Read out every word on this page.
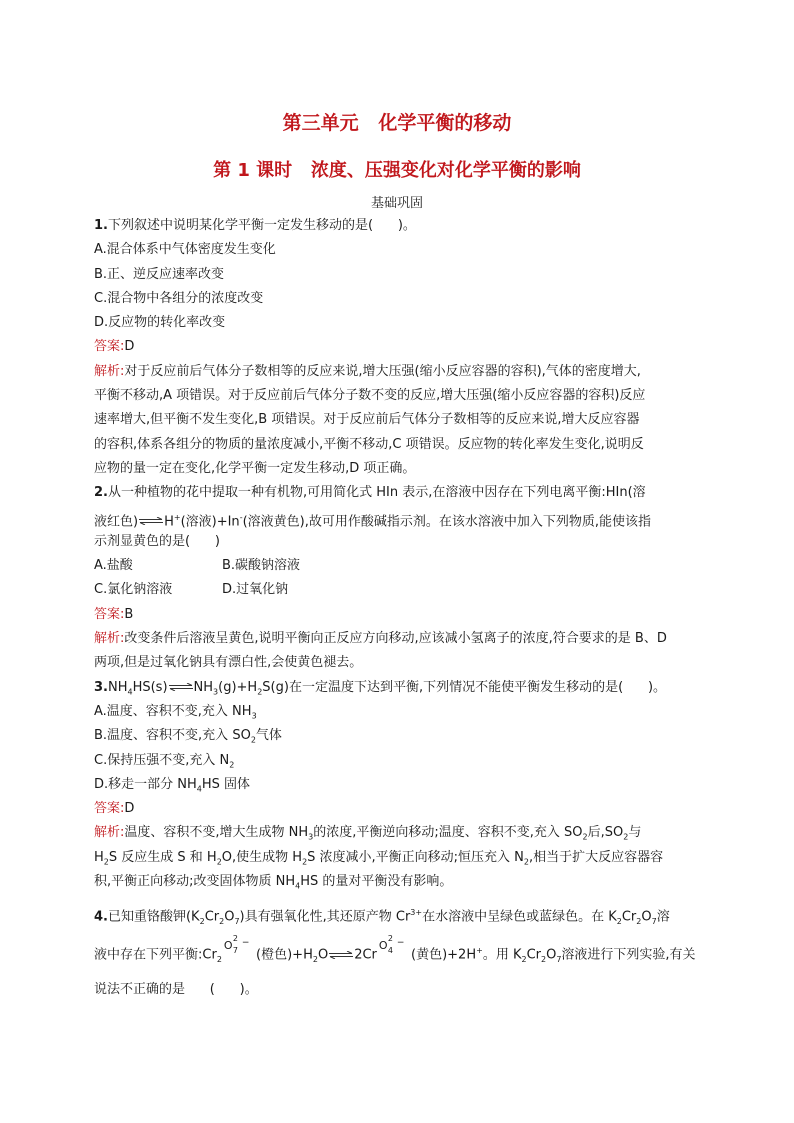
第三单元   化学平衡的移动
第 1 课时   浓度、压强变化对化学平衡的影响
基础巩固
1.下列叙述中说明某化学平衡一定发生移动的是(      )。
A.混合体系中气体密度发生变化
B.正、逆反应速率改变
C.混合物中各组分的浓度改变
D.反应物的转化率改变
答案:D
解析:对于反应前后气体分子数相等的反应来说,增大压强(缩小反应容器的容积),气体的密度增大,
平衡不移动,A 项错误。对于反应前后气体分子数不变的反应,增大压强(缩小反应容器的容积)反应
速率增大,但平衡不发生变化,B 项错误。对于反应前后气体分子数相等的反应来说,增大反应容器
的容积,体系各组分的物质的量浓度减小,平衡不移动,C 项错误。反应物的转化率发生变化,说明反
应物的量一定在变化,化学平衡一定发生移动,D 项正确。
2.从一种植物的花中提取一种有机物,可用简化式 HIn 表示,在溶液中因存在下列电离平衡:HIn(溶
液红色)⇌H+(溶液)+In-(溶液黄色),故可用作酸碱指示剂。在该水溶液中加入下列物质,能使该指
示剂显黄色的是(      )
A.盐酸	B.碳酸钠溶液
C.氯化钠溶液	D.过氧化钠
答案:B
解析:改变条件后溶液呈黄色,说明平衡向正反应方向移动,应该减小氢离子的浓度,符合要求的是 B、D
两项,但是过氧化钠具有漂白性,会使黄色褪去。
$3.NH_4HS(s)\rightleftharpoons NH_3(g)+H_2S(g)$在一定温度下达到平衡,下列情况不能使平衡发生移动的是(      )。
A.温度、容积不变,充入 $NH_3$
B.温度、容积不变,充入 $SO_2$气体
C.保持压强不变,充入 $N_2$
D.移走一部分 $NH_4HS$ 固体
答案:D
解析:温度、容积不变,增大生成物 $NH_3$的浓度,平衡逆向移动;温度、容积不变,充入 $SO_2$后$,SO_2$与
$H_2S$ 反应生成 S 和 $H_2O$,使生成物 $H_2S$ 浓度减小,平衡正向移动;恒压充入 $N_2$,相当于扩大反应容器容
积,平衡正向移动;改变固体物质 $NH_4HS$ 的量对平衡没有影响。
4.已知重铬酸钾$(K_2Cr_2O_7)$具有强氧化性,其还原产物 $Cr^{3+}$在水溶液中呈绿色或蓝绿色。在 $K_2Cr_2O_7$溶
液中存在下列平衡$:Cr_2$
O
2
7
−
(橙色)$+H_2O\rightleftharpoons 2Cr$
O
2
4
−
(黄色)+2H+。用 $K_2Cr_2O_7$溶液进行下列实验,有关
说法不正确的是      (      )。
